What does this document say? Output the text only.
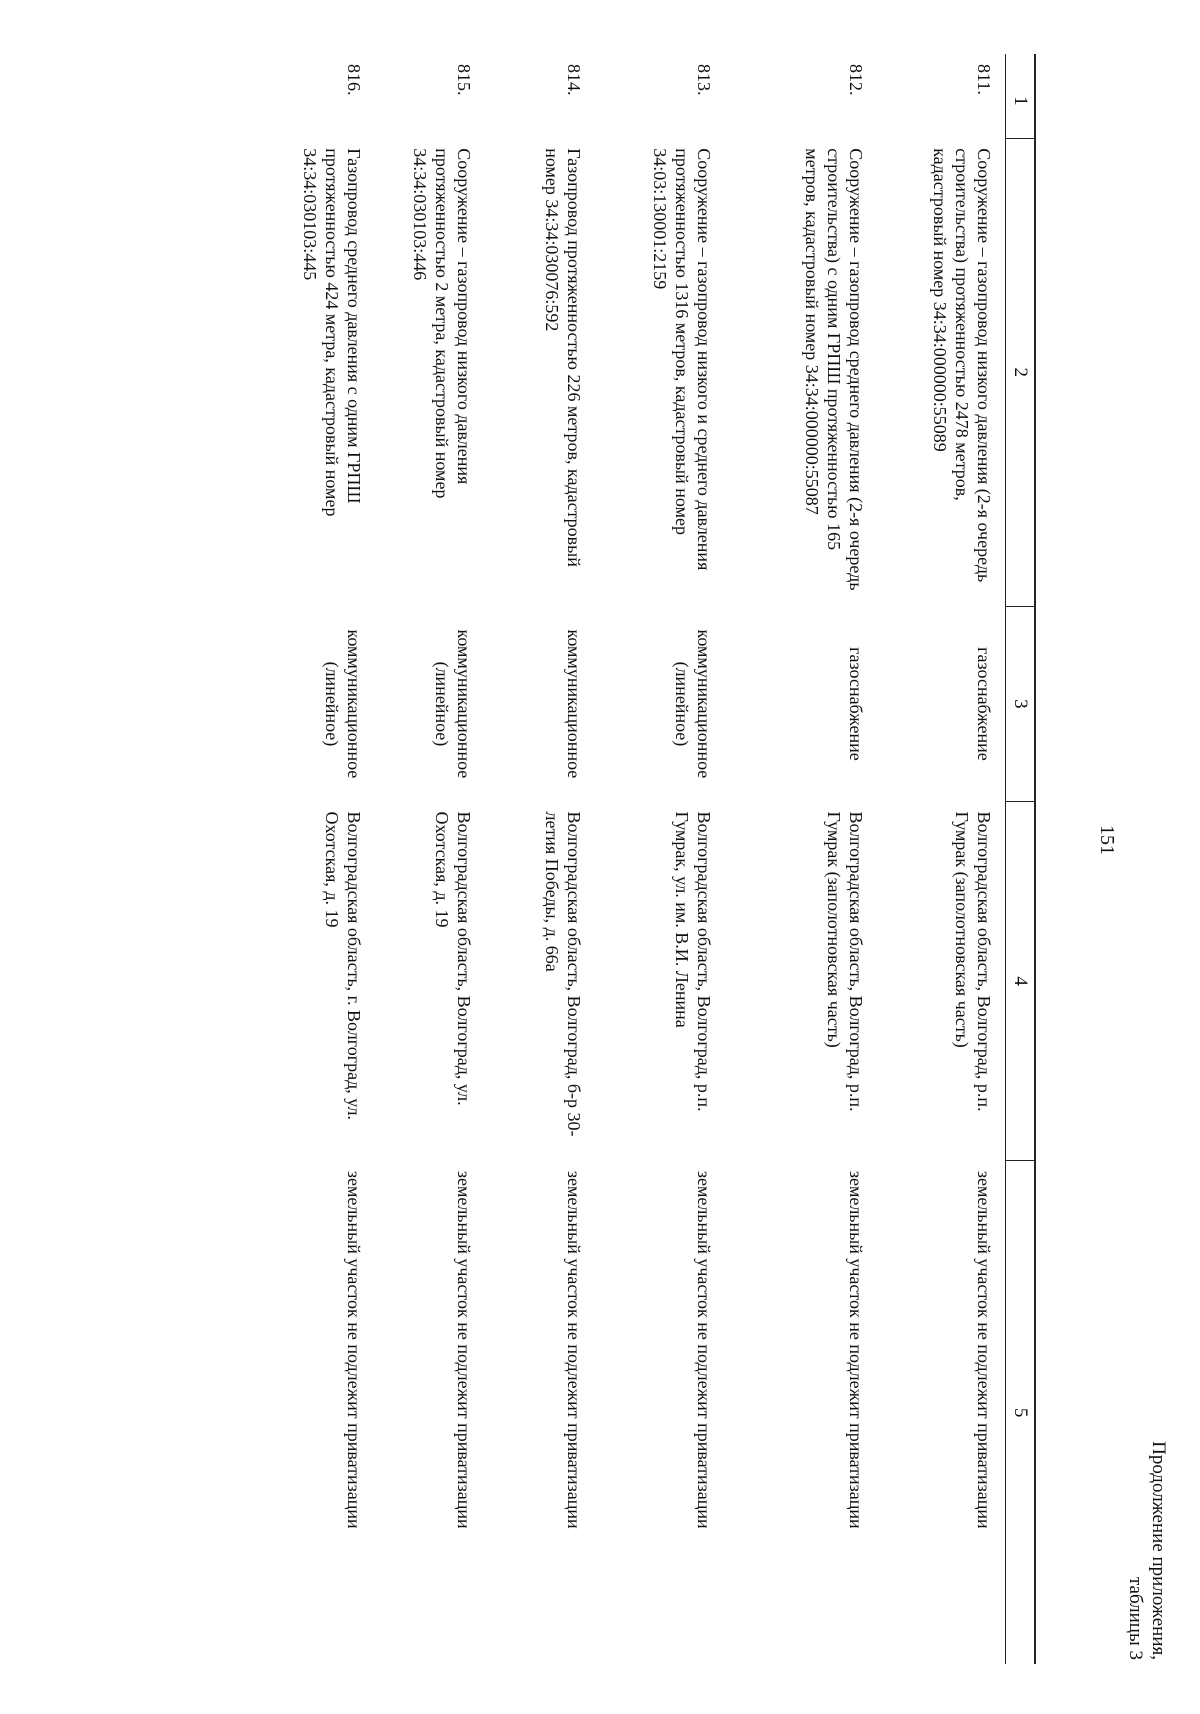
Продолжение приложения,
таблицы 3
151
1	2	3	4	5
811.	Сооружение – газопровод низкого давления (2-я очередь строительства) протяженностью 2478 метров, кадастровый номер 34:34:000000:55089	газоснабжение	Волгоградская область, Волгоград, р.п. Гумрак (заполотновская часть)	земельный участок не подлежит приватизации
812.	Сооружение – газопровод среднего давления (2-я очередь строительства) с одним ГРПШ протяженностью 165 метров, кадастровый номер 34:34:000000:55087	газоснабжение	Волгоградская область, Волгоград, р.п. Гумрак (заполотновская часть)	земельный участок не подлежит приватизации
813.	Сооружение – газопровод низкого и среднего давления протяженностью 1316 метров, кадастровый номер 34:03:130001:2159	коммуникационное (линейное)	Волгоградская область, Волгоград, р.п. Гумрак, ул. им. В.И. Ленина	земельный участок не подлежит приватизации
814.	Газопровод протяженностью 226 метров, кадастровый номер 34:34:030076:592	коммуникационное	Волгоградская область, Волгоград, б-р 30-летия Победы, д. 66а	земельный участок не подлежит приватизации
815.	Сооружение – газопровод низкого давления протяженностью 2 метра, кадастровый номер 34:34:030103:446	коммуникационное (линейное)	Волгоградская область, Волгоград, ул. Охотская, д. 19	земельный участок не подлежит приватизации
816.	Газопровод среднего давления с одним ГРПШ протяженностью 424 метра, кадастровый номер 34:34:030103:445	коммуникационное (линейное)	Волгоградская область, г. Волгоград, ул. Охотская, д. 19	земельный участок не подлежит приватизации
